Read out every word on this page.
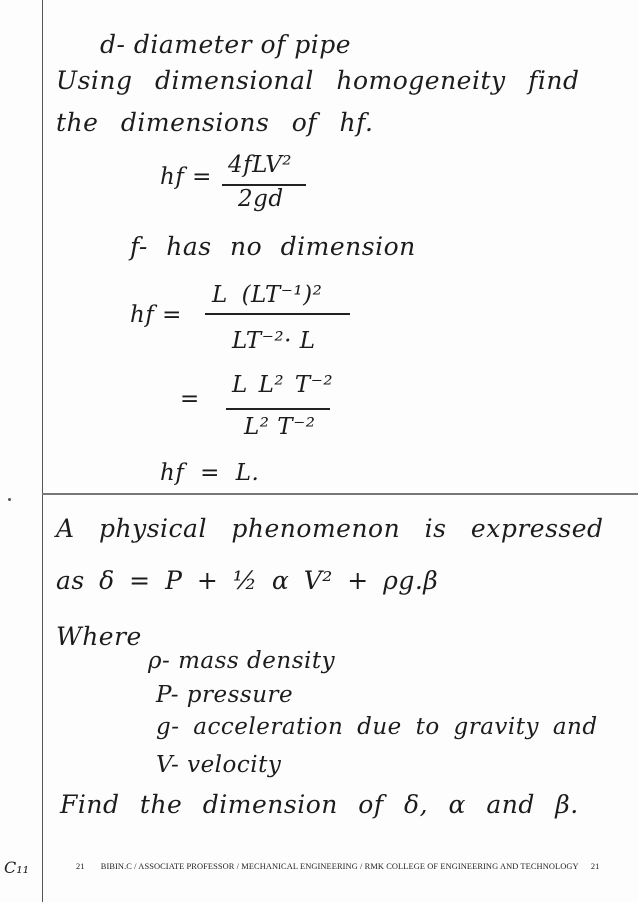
d- diameter of pipe
Using dimensional homogeneity find
the dimensions of hf.
hf = 4fLV²
2gd
f- has no dimension
hf =
L (LT⁻¹)²
LT⁻²· L
=
L L² T⁻²
L² T⁻²
hf = L.
A physical phenomenon is expressed
as δ = P + ½ α V² + ρg.β
Where
ρ- mass density
P- pressure
g- acceleration due to gravity and
V- velocity
Find the dimension of δ, α and β.
C₁₁	21 BIBIN.C / ASSOCIATE PROFESSOR / MECHANICAL ENGINEERING / RMK COLLEGE OF ENGINEERING AND TECHNOLOGY 21
